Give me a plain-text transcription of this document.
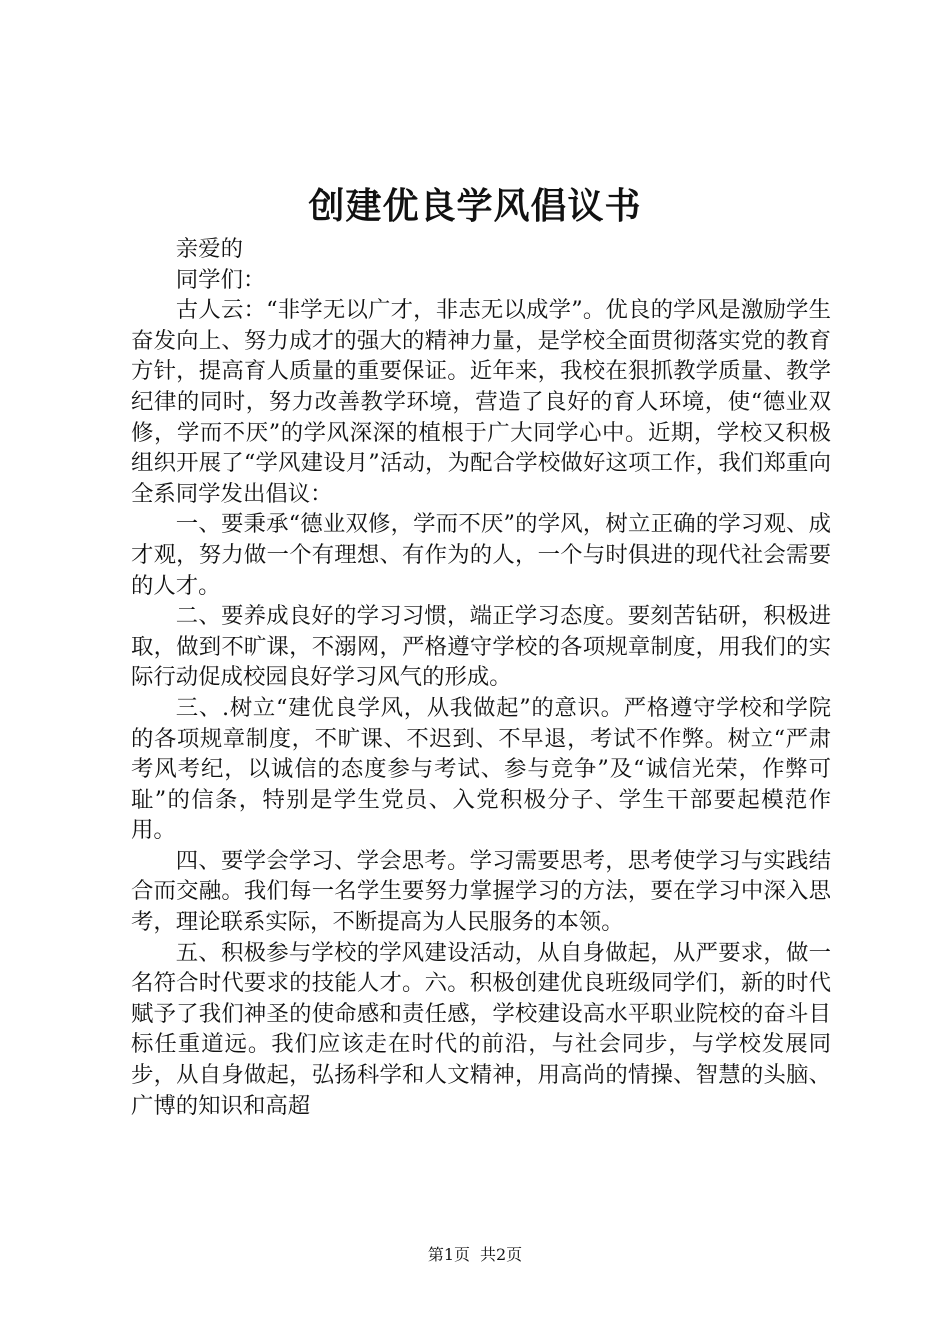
创建优良学风倡议书

亲爱的

同学们：

古人云：“非学无以广才，非志无以成学”。优良的学风是激励学生奋发向上、努力成才的强大的精神力量，是学校全面贯彻落实党的教育方针，提高育人质量的重要保证。近年来，我校在狠抓教学质量、教学纪律的同时，努力改善教学环境，营造了良好的育人环境，使“德业双修，学而不厌”的学风深深的植根于广大同学心中。近期，学校又积极组织开展了“学风建设月”活动，为配合学校做好这项工作，我们郑重向全系同学发出倡议：

一、要秉承“德业双修，学而不厌”的学风，树立正确的学习观、成才观，努力做一个有理想、有作为的人，一个与时俱进的现代社会需要的人才。

二、要养成良好的学习习惯，端正学习态度。要刻苦钻研，积极进取，做到不旷课，不溺网，严格遵守学校的各项规章制度，用我们的实际行动促成校园良好学习风气的形成。

三、.树立“建优良学风，从我做起”的意识。严格遵守学校和学院的各项规章制度，不旷课、不迟到、不早退，考试不作弊。树立“严肃考风考纪，以诚信的态度参与考试、参与竞争”及“诚信光荣，作弊可耻”的信条，特别是学生党员、入党积极分子、学生干部要起模范作用。

四、要学会学习、学会思考。学习需要思考，思考使学习与实践结合而交融。我们每一名学生要努力掌握学习的方法，要在学习中深入思考，理论联系实际，不断提高为人民服务的本领。

五、积极参与学校的学风建设活动，从自身做起，从严要求，做一名符合时代要求的技能人才。六。积极创建优良班级同学们，新的时代赋予了我们神圣的使命感和责任感，学校建设高水平职业院校的奋斗目标任重道远。我们应该走在时代的前沿，与社会同步，与学校发展同步，从自身做起，弘扬科学和人文精神，用高尚的情操、智慧的头脑、广博的知识和高超

第1页 共2页
